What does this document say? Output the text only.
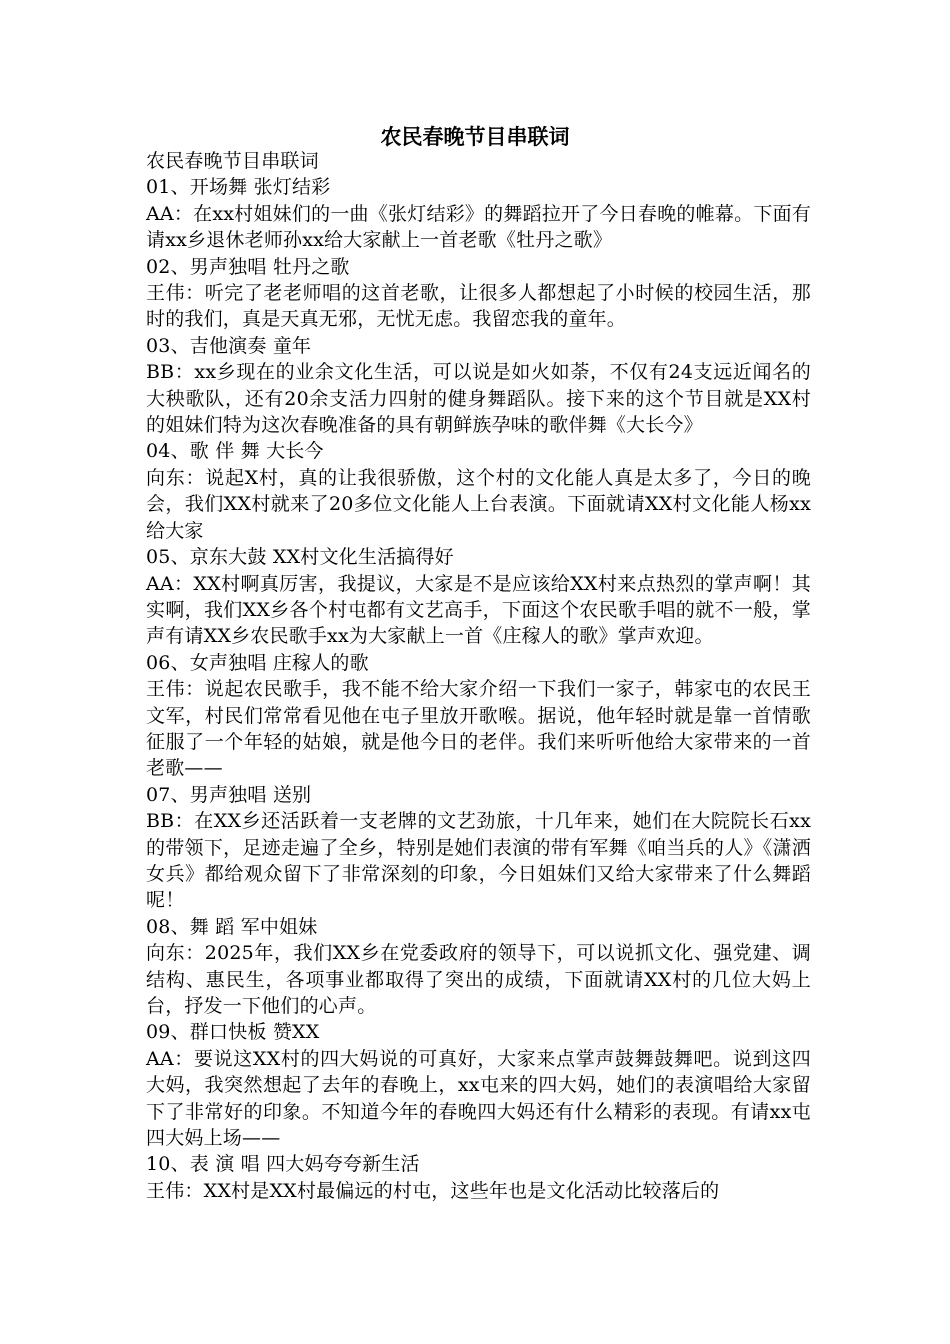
农民春晚节目串联词

农民春晚节目串联词

01、开场舞 张灯结彩

AA：在xx村姐妹们的一曲《张灯结彩》的舞蹈拉开了今日春晚的帷幕。下面有请xx乡退休老师孙xx给大家献上一首老歌《牡丹之歌》

02、男声独唱 牡丹之歌

王伟：听完了老老师唱的这首老歌，让很多人都想起了小时候的校园生活，那时的我们，真是天真无邪，无忧无虑。我留恋我的童年。

03、吉他演奏 童年

BB：xx乡现在的业余文化生活，可以说是如火如荼，不仅有24支远近闻名的大秧歌队，还有20余支活力四射的健身舞蹈队。接下来的这个节目就是XX村的姐妹们特为这次春晚准备的具有朝鲜族孕味的歌伴舞《大长今》

04、歌 伴 舞 大长今

向东：说起X村，真的让我很骄傲，这个村的文化能人真是太多了，今日的晚会，我们XX村就来了20多位文化能人上台表演。下面就请XX村文化能人杨xx给大家

05、京东大鼓 XX村文化生活搞得好

AA：XX村啊真厉害，我提议，大家是不是应该给XX村来点热烈的掌声啊！其实啊，我们XX乡各个村屯都有文艺高手，下面这个农民歌手唱的就不一般，掌声有请XX乡农民歌手xx为大家献上一首《庄稼人的歌》掌声欢迎。

06、女声独唱 庄稼人的歌

王伟：说起农民歌手，我不能不给大家介绍一下我们一家子，韩家屯的农民王文军，村民们常常看见他在屯子里放开歌喉。据说，他年轻时就是靠一首情歌征服了一个年轻的姑娘，就是他今日的老伴。我们来听听他给大家带来的一首老歌——

07、男声独唱 送别

BB：在XX乡还活跃着一支老牌的文艺劲旅，十几年来，她们在大院院长石xx的带领下，足迹走遍了全乡，特别是她们表演的带有军舞《咱当兵的人》《潇洒女兵》都给观众留下了非常深刻的印象，今日姐妹们又给大家带来了什么舞蹈呢！

08、舞 蹈 军中姐妹

向东：2025年，我们XX乡在党委政府的领导下，可以说抓文化、强党建、调结构、惠民生，各项事业都取得了突出的成绩，下面就请XX村的几位大妈上台，抒发一下他们的心声。

09、群口快板 赞XX

AA：要说这XX村的四大妈说的可真好，大家来点掌声鼓舞鼓舞吧。说到这四大妈，我突然想起了去年的春晚上，xx屯来的四大妈，她们的表演唱给大家留下了非常好的印象。不知道今年的春晚四大妈还有什么精彩的表现。有请xx屯四大妈上场——

10、表 演 唱 四大妈夸夸新生活

王伟：XX村是XX村最偏远的村屯，这些年也是文化活动比较落后的
